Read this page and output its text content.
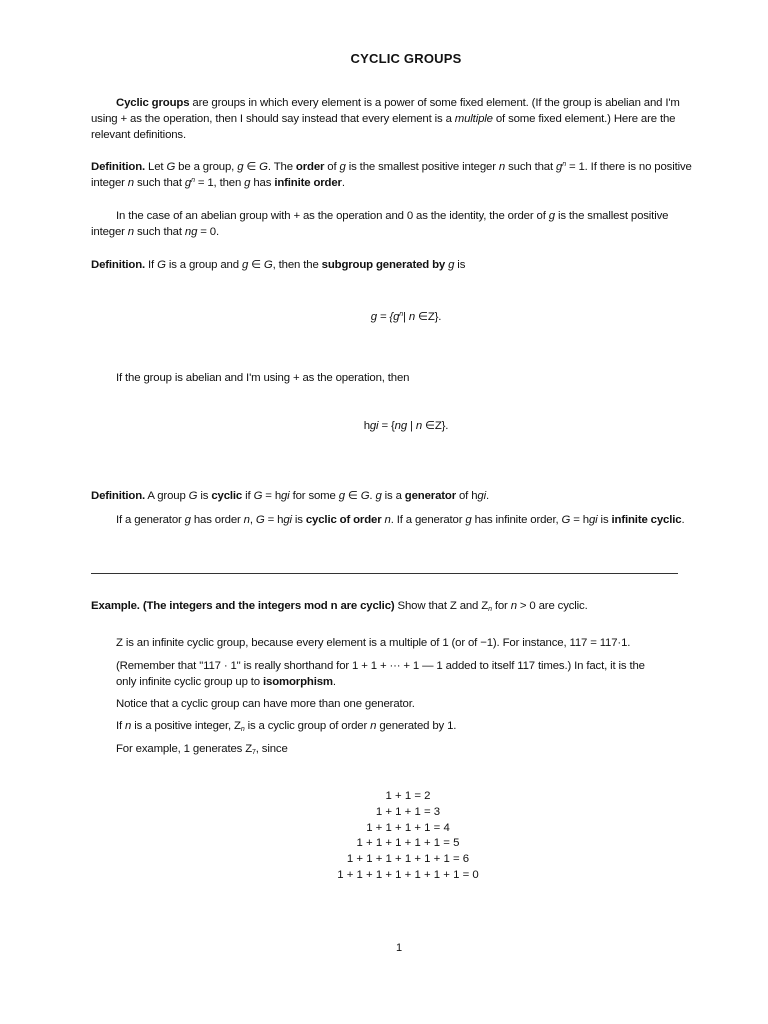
CYCLIC GROUPS
Cyclic groups are groups in which every element is a power of some fixed element. (If the group is abelian and I'm
using + as the operation, then I should say instead that every element is a multiple of some fixed element.) Here are the
relevant definitions.
Definition. Let G be a group, g ∈ G. The order of g is the smallest positive integer n such that $g^n = 1$. If there is no positive
integer n such that $g^n = 1$, then g has infinite order.
In the case of an abelian group with + as the operation and 0 as the identity, the order of g is the smallest positive
integer n such that ng = 0.
Definition. If G is a group and g ∈ G, then the subgroup generated by g is
$g = \{g^n|$ n ∈Z}.
If the group is abelian and I'm using + as the operation, then
hgi = {ng | n ∈Z}.
Definition. A group G is cyclic if G = hgi for some g ∈ G. g is a generator of hgi.
If a generator g has order n, G = hgi is cyclic of order n. If a generator g has infinite order, G = hgi is infinite cyclic.
Example. (The integers and the integers mod n are cyclic) Show that Z and $Z_n$ for n > 0 are cyclic.
Z is an infinite cyclic group, because every element is a multiple of 1 (or of −1). For instance, 117 = 117·1.
(Remember that "117 · 1" is really shorthand for 1 + 1 + ··· + 1 — 1 added to itself 117 times.) In fact, it is the
only infinite cyclic group up to isomorphism.
Notice that a cyclic group can have more than one generator.
If n is a positive integer, $Z_n$ is a cyclic group of order n generated by 1.
For example, 1 generates $Z_7$, since
1 + 1 = 2
1 + 1 + 1 = 3
1 + 1 + 1 + 1 = 4
1 + 1 + 1 + 1 + 1 = 5
1 + 1 + 1 + 1 + 1 + 1 = 6
1 + 1 + 1 + 1 + 1 + 1 + 1 = 0
1
